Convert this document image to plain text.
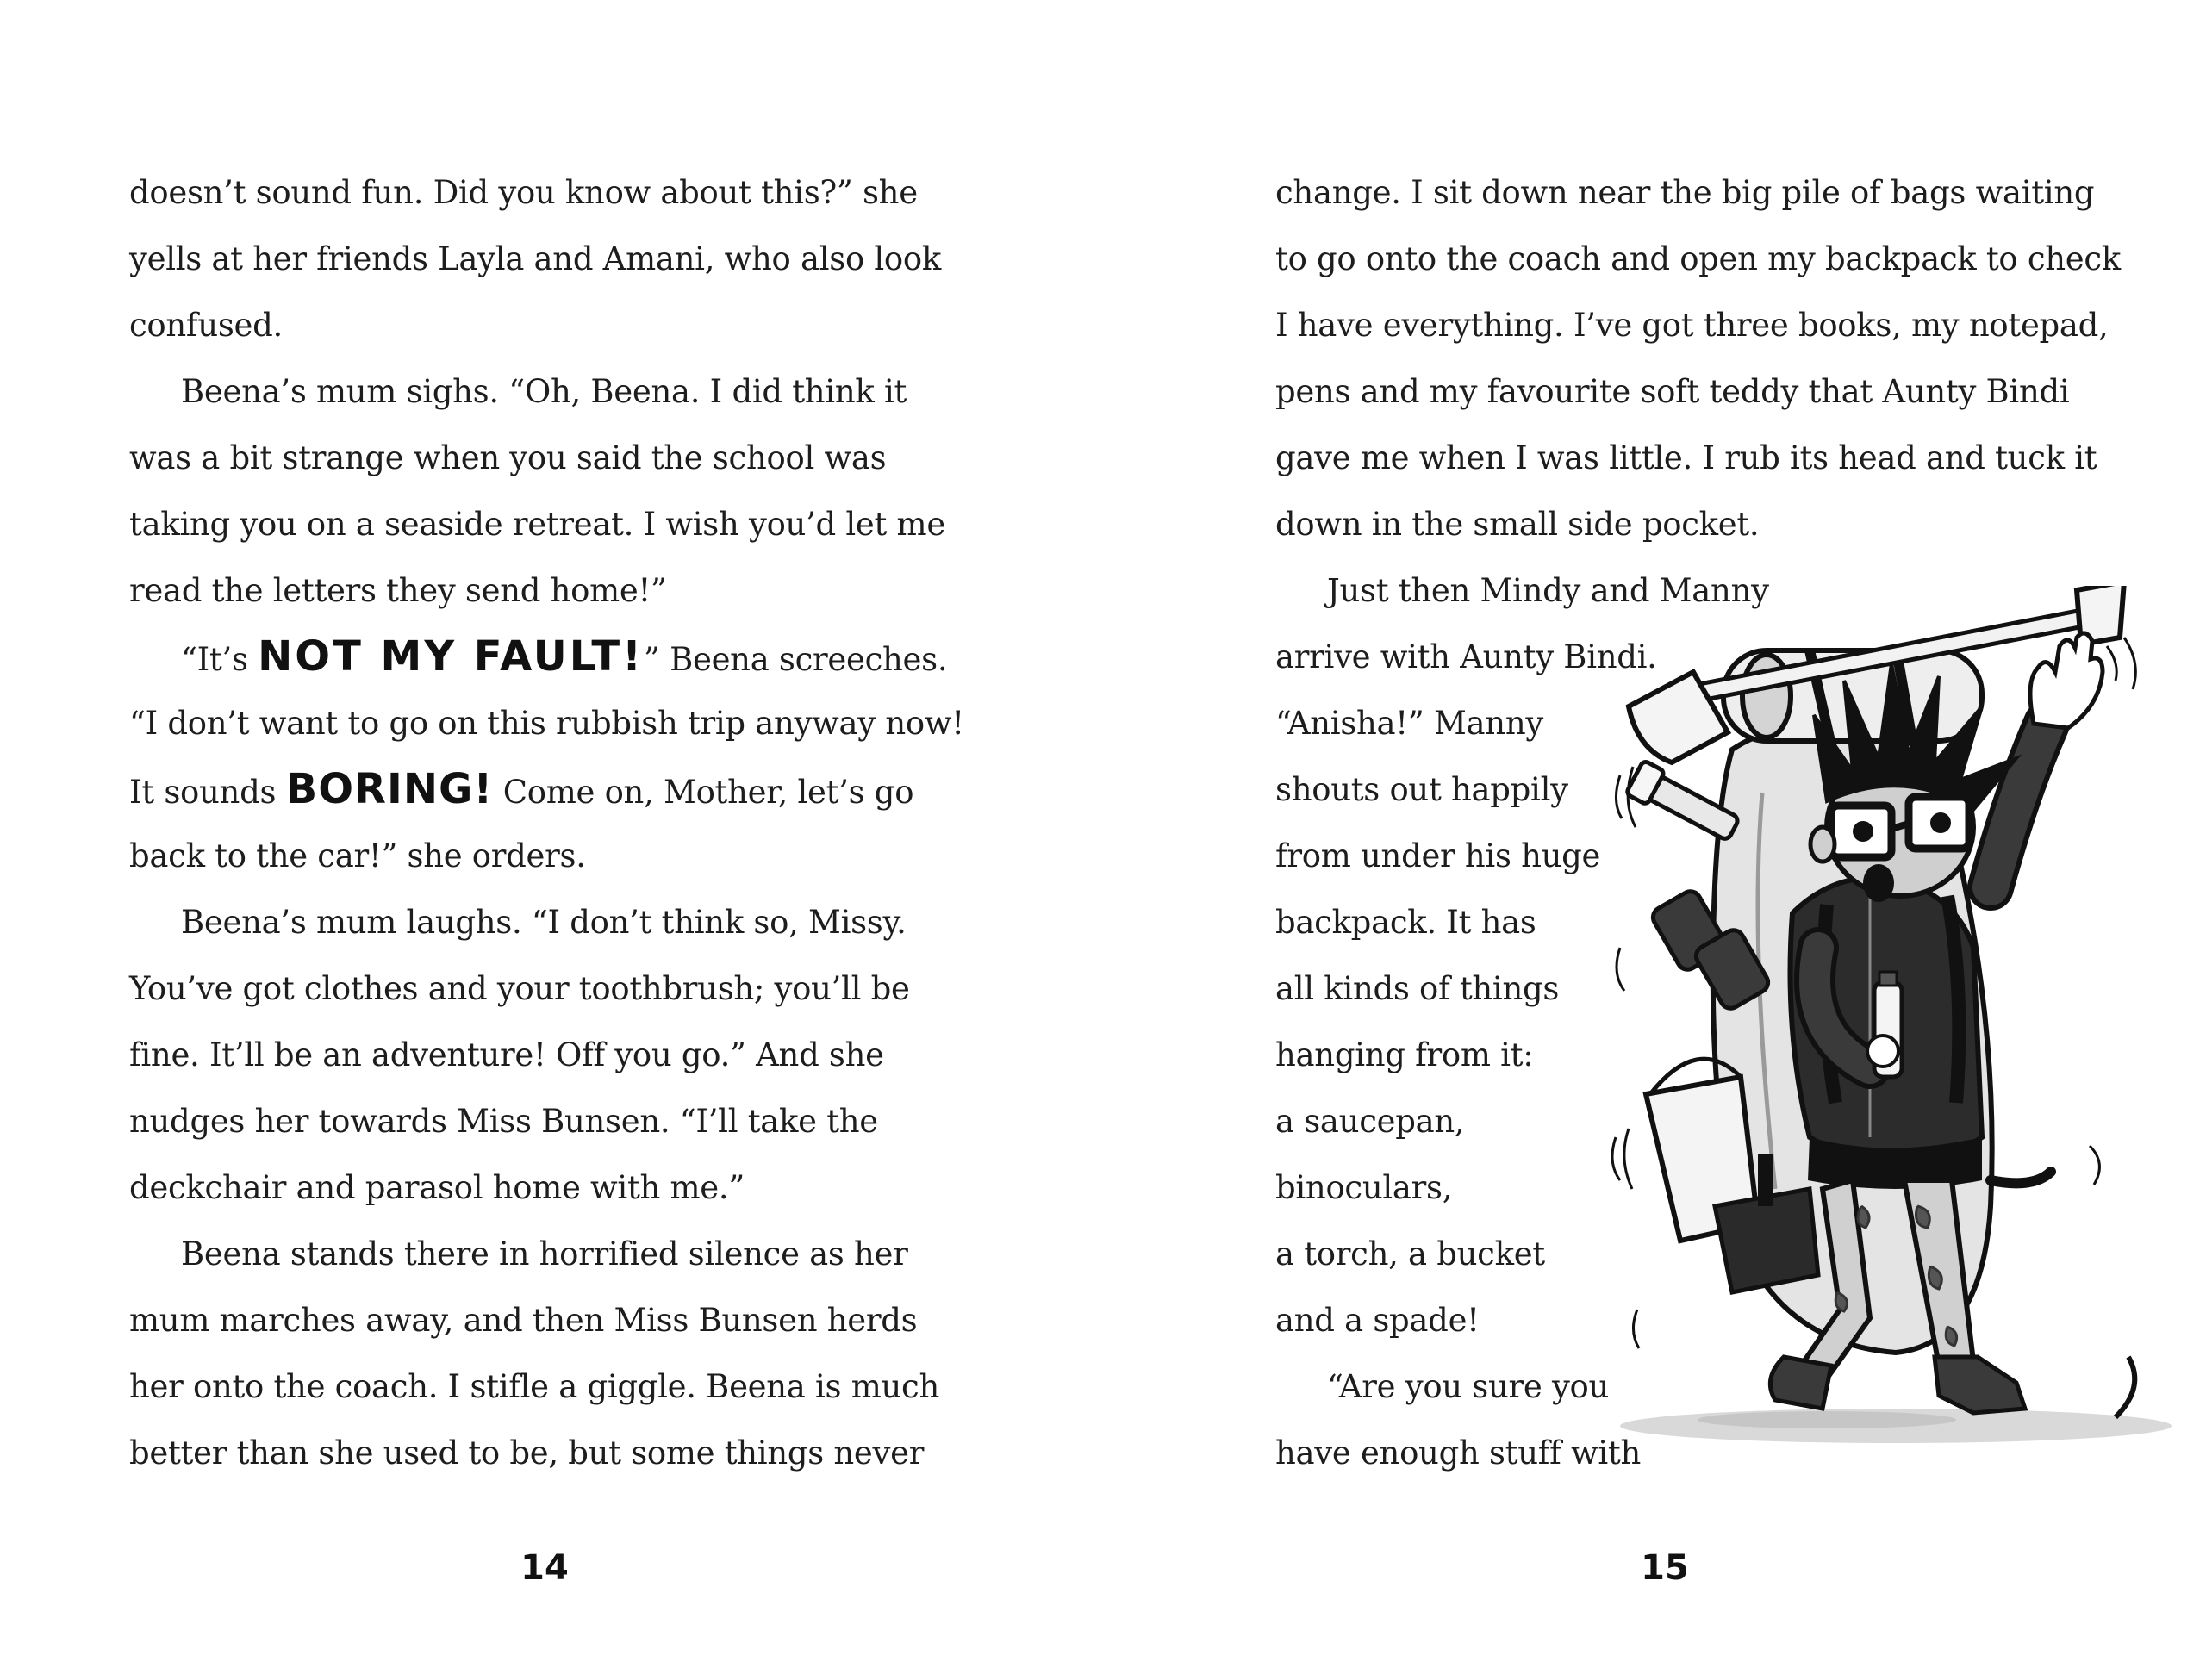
doesn’t sound fun. Did you know about this?” she
yells at her friends Layla and Amani, who also look
confused.
Beena’s mum sighs. “Oh, Beena. I did think it
was a bit strange when you said the school was
taking you on a seaside retreat. I wish you’d let me
read the letters they send home!”
“It’s NOT MY FAULT!” Beena screeches.
“I don’t want to go on this rubbish trip anyway now!
It sounds BORING! Come on, Mother, let’s go
back to the car!” she orders.
Beena’s mum laughs. “I don’t think so, Missy.
You’ve got clothes and your toothbrush; you’ll be
fine. It’ll be an adventure! Off you go.” And she
nudges her towards Miss Bunsen. “I’ll take the
deckchair and parasol home with me.”
Beena stands there in horrified silence as her
mum marches away, and then Miss Bunsen herds
her onto the coach. I stifle a giggle. Beena is much
better than she used to be, but some things never
14
change. I sit down near the big pile of bags waiting
to go onto the coach and open my backpack to check
I have everything. I’ve got three books, my notepad,
pens and my favourite soft teddy that Aunty Bindi
gave me when I was little. I rub its head and tuck it
down in the small side pocket.
Just then Mindy and Manny
arrive with Aunty Bindi.
“Anisha!” Manny
shouts out happily
from under his huge
backpack. It has
all kinds of things
hanging from it:
a saucepan,
binoculars,
a torch, a bucket
and a spade!
“Are you sure you
have enough stuff with
15
